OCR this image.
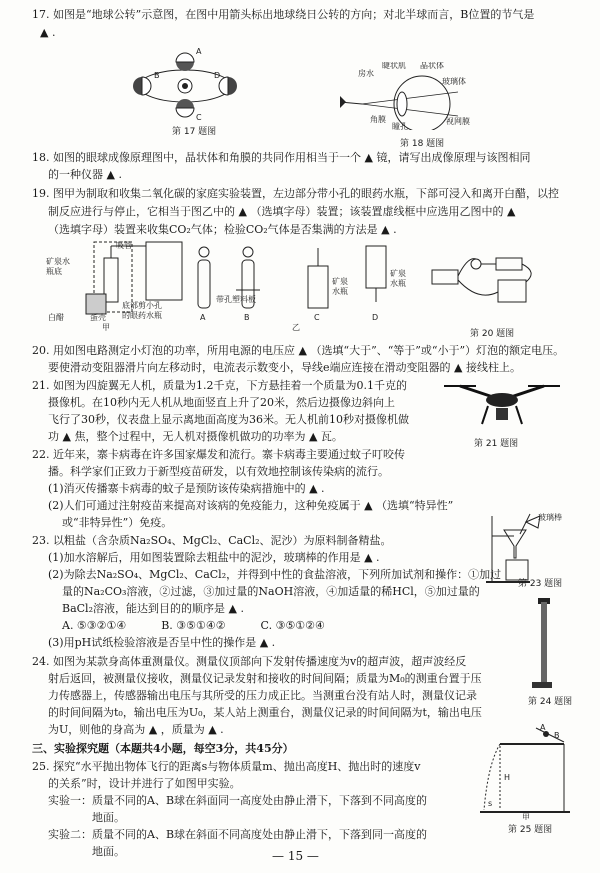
17. 如图是“地球公转”示意图，在图中用箭头标出地球绕日公转的方向；对北半球而言，B位置的节气是
▲ .
B
A
D
C
第 17 题图
睫状肌 晶状体
房水
玻璃体
角膜
瞳孔
视网膜
第 18 题图
18. 如图的眼球成像原理图中，晶状体和角膜的共同作用相当于一个 ▲ 镜，请写出成像原理与该图相同
的一种仪器 ▲ .
19. 图甲为制取和收集二氧化碳的家庭实验装置，左边部分带小孔的眼药水瓶，下部可浸入和离开白醋，以控
制反应进行与停止，它相当于图乙中的 ▲ （选填字母）装置；该装置虚线框中应选用乙图中的 ▲
（选填字母）装置来收集CO₂气体；检验CO₂气体是否集满的方法是 ▲ .
吸管
矿泉水
瓶底
白醋	蛋壳
底部剪小孔
的眼药水瓶
甲
A
带孔塑料板
B
矿泉
水瓶
C
矿泉
水瓶
D
乙
第 20 题图
20. 用如图电路测定小灯泡的功率，所用电源的电压应 ▲ （选填“大于”、“等于”或“小于”）灯泡的额定电压。
要使滑动变阻器滑片向左移动时，电流表示数变小，导线e端应连接在滑动变阻器的 ▲ 接线柱上。
21. 如图为四旋翼无人机，质量为1.2千克，下方悬挂着一个质量为0.1千克的
摄像机。在10秒内无人机从地面竖直上升了20米，然后边摄像边斜向上
飞行了30秒，仪表盘上显示离地面高度为36米。无人机前10秒对摄像机做
功 ▲ 焦，整个过程中，无人机对摄像机做功的功率为 ▲ 瓦。
第 21 题图
22. 近年来，寨卡病毒在许多国家爆发和流行。寨卡病毒主要通过蚊子叮咬传
播。科学家们正致力于新型疫苗研发，以有效地控制该传染病的流行。
(1)消灭传播寨卡病毒的蚊子是预防该传染病措施中的 ▲ .
(2)人们可通过注射疫苗来提高对该病的免疫能力，这种免疫属于 ▲ （选填“特异性”
或“非特异性”）免疫。	玻璃棒
第 23 题图
23. 以粗盐（含杂质Na₂SO₄、MgCl₂、CaCl₂、泥沙）为原料制备精盐。
(1)加水溶解后，用如图装置除去粗盐中的泥沙，玻璃棒的作用是 ▲ .
(2)为除去Na₂SO₄、MgCl₂、CaCl₂，并得到中性的食盐溶液，下列所加试剂和操作：①加过
量的Na₂CO₃溶液，②过滤，③加过量的NaOH溶液，④加适量的稀HCl，⑤加过量的
BaCl₂溶液，能达到目的的顺序是 ▲ .
A. ⑤③②①④          B. ③⑤①④②          C. ③⑤①②④
(3)用pH试纸检验溶液是否呈中性的操作是 ▲ .
第 24 题图
24. 如图为某款身高体重测量仪。测量仪顶部向下发射传播速度为v的超声波，超声波经反
射后返回，被测量仪接收，测量仪记录发射和接收的时间间隔；质量为M₀的测重台置于压
力传感器上，传感器输出电压与其所受的压力成正比。当测重台没有站人时，测量仪记录
的时间间隔为t₀，输出电压为U₀，某人站上测重台，测量仪记录的时间间隔为t，输出电压
为U，则他的身高为 ▲ ，质量为 ▲ .
三、实验探究题（本题共4小题，每空3分，共45分）
25. 探究“水平抛出物体飞行的距离s与物体质量m、抛出高度H、抛出时的速度v
的关系”时，设计并进行了如图甲实验。
实验一：质量不同的A、B球在斜面同一高度处由静止滑下，下落到不同高度的
地面。
实验二：质量不同的A、B球在斜面不同高度处由静止滑下，下落到同一高度的
地面。
A
B
H
s
甲
第 25 题图
— 15 —
